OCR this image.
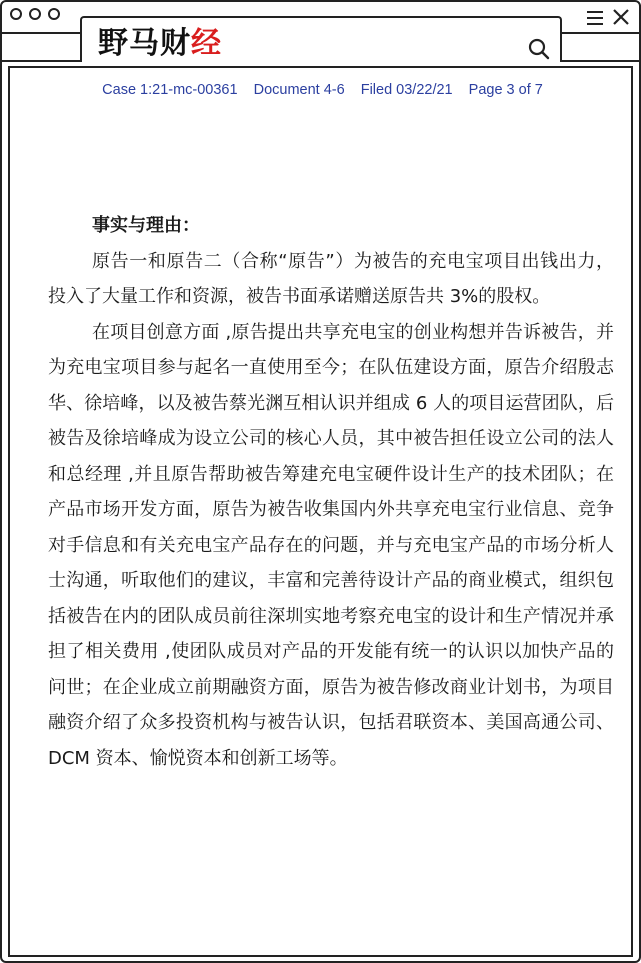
野马财 经
Case 1:21-mc-00361 Document 4-6 Filed 03/22/21 Page 3 of 7

事实与理由：

原告一和原告二（合称“原告”）为被告的充电宝项目出钱出力，投入了大量工作和资源，被告书面承诺赠送原告共 3%的股权。

在项目创意方面 ,原告提出共享充电宝的创业构想并告诉被告，并为充电宝项目参与起名一直使用至今；在队伍建设方面，原告介绍殷志华、徐培峰，以及被告蔡光渊互相认识并组成 6 人的项目运营团队，后被告及徐培峰成为设立公司的核心人员，其中被告担任设立公司的法人和总经理 ,并且原告帮助被告筹建充电宝硬件设计生产的技术团队；在产品市场开发方面，原告为被告收集国内外共享充电宝行业信息、竞争对手信息和有关充电宝产品存在的问题，并与充电宝产品的市场分析人士沟通，听取他们的建议，丰富和完善待设计产品的商业模式，组织包括被告在内的团队成员前往深圳实地考察充电宝的设计和生产情况并承担了相关费用 ,使团队成员对产品的开发能有统一的认识以加快产品的问世；在企业成立前期融资方面，原告为被告修改商业计划书，为项目融资介绍了众多投资机构与被告认识，包括君联资本、美国高通公司、DCM 资本、愉悦资本和创新工场等。
